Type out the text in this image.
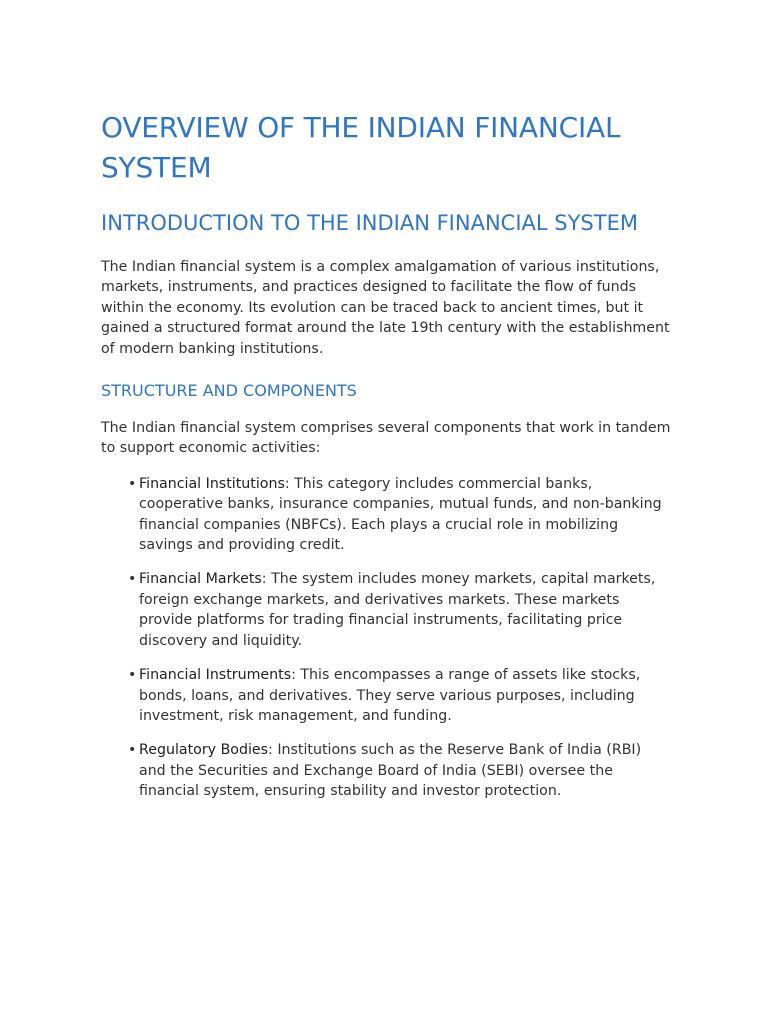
OVERVIEW OF THE INDIAN FINANCIAL SYSTEM
INTRODUCTION TO THE INDIAN FINANCIAL SYSTEM

The Indian financial system is a complex amalgamation of various institutions, markets, instruments, and practices designed to facilitate the flow of funds within the economy. Its evolution can be traced back to ancient times, but it gained a structured format around the late 19th century with the establishment of modern banking institutions.

STRUCTURE AND COMPONENTS

The Indian financial system comprises several components that work in tandem to support economic activities:

• Financial Institutions: This category includes commercial banks, cooperative banks, insurance companies, mutual funds, and non-banking financial companies (NBFCs). Each plays a crucial role in mobilizing savings and providing credit.
• Financial Markets: The system includes money markets, capital markets, foreign exchange markets, and derivatives markets. These markets provide platforms for trading financial instruments, facilitating price discovery and liquidity.
• Financial Instruments: This encompasses a range of assets like stocks, bonds, loans, and derivatives. They serve various purposes, including investment, risk management, and funding.
• Regulatory Bodies: Institutions such as the Reserve Bank of India (RBI) and the Securities and Exchange Board of India (SEBI) oversee the financial system, ensuring stability and investor protection.
